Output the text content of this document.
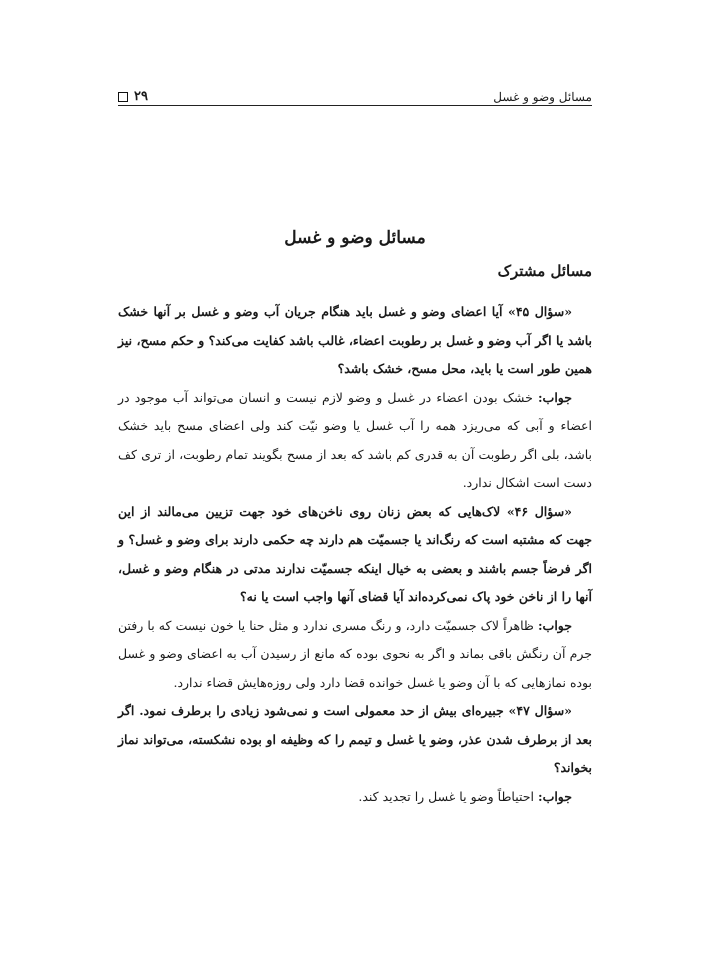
مسائل وضو و غسل
۲۹
مسائل وضو و غسل
مسائل مشترک

«سؤال ۴۵» آیا اعضای وضو و غسل باید هنگام جریان آب وضو و غسل بر آنها خشک باشد یا اگر آب وضو و غسل بر رطوبت اعضاء، غالب باشد کفایت می‌کند؟ و حکم مسح، نیز همین طور است یا باید، محل مسح، خشک باشد؟

جواب: خشک بودن اعضاء در غسل و وضو لازم نیست و انسان می‌تواند آب موجود در اعضاء و آبی که می‌ریزد همه را آب غسل یا وضو نیّت کند ولی اعضای مسح باید خشک باشد، بلی اگر رطوبت آن به قدری کم باشد که بعد از مسح بگویند تمام رطوبت، از تری کف دست است اشکال ندارد.

«سؤال ۴۶» لاک‌هایی که بعض زنان روی ناخن‌های خود جهت تزیین می‌مالند از این جهت که مشتبه است که رنگ‌اند یا جسمیّت هم دارند چه حکمی دارند برای وضو و غسل؟ و اگر فرضاً جسم باشند و بعضی به خیال اینکه جسمیّت ندارند مدتی در هنگام وضو و غسل، آنها را از ناخن خود پاک نمی‌کرده‌اند آیا قضای آنها واجب است یا نه؟

جواب: ظاهراً لاک جسمیّت دارد، و رنگ مسری ندارد و مثل حنا یا خون نیست که با رفتن جرم آن رنگش باقی بماند و اگر به نحوی بوده که مانع از رسیدن آب به اعضای وضو و غسل بوده نمازهایی که با آن وضو یا غسل خوانده قضا دارد ولی روزه‌هایش قضاء ندارد.

«سؤال ۴۷» جبیره‌ای بیش از حد معمولی است و نمی‌شود زیادی را برطرف نمود. اگر بعد از برطرف شدن عذر، وضو یا غسل و تیمم را که وظیفه او بوده نشکسته، می‌تواند نماز بخواند؟

جواب: احتیاطاً وضو یا غسل را تجدید کند.
